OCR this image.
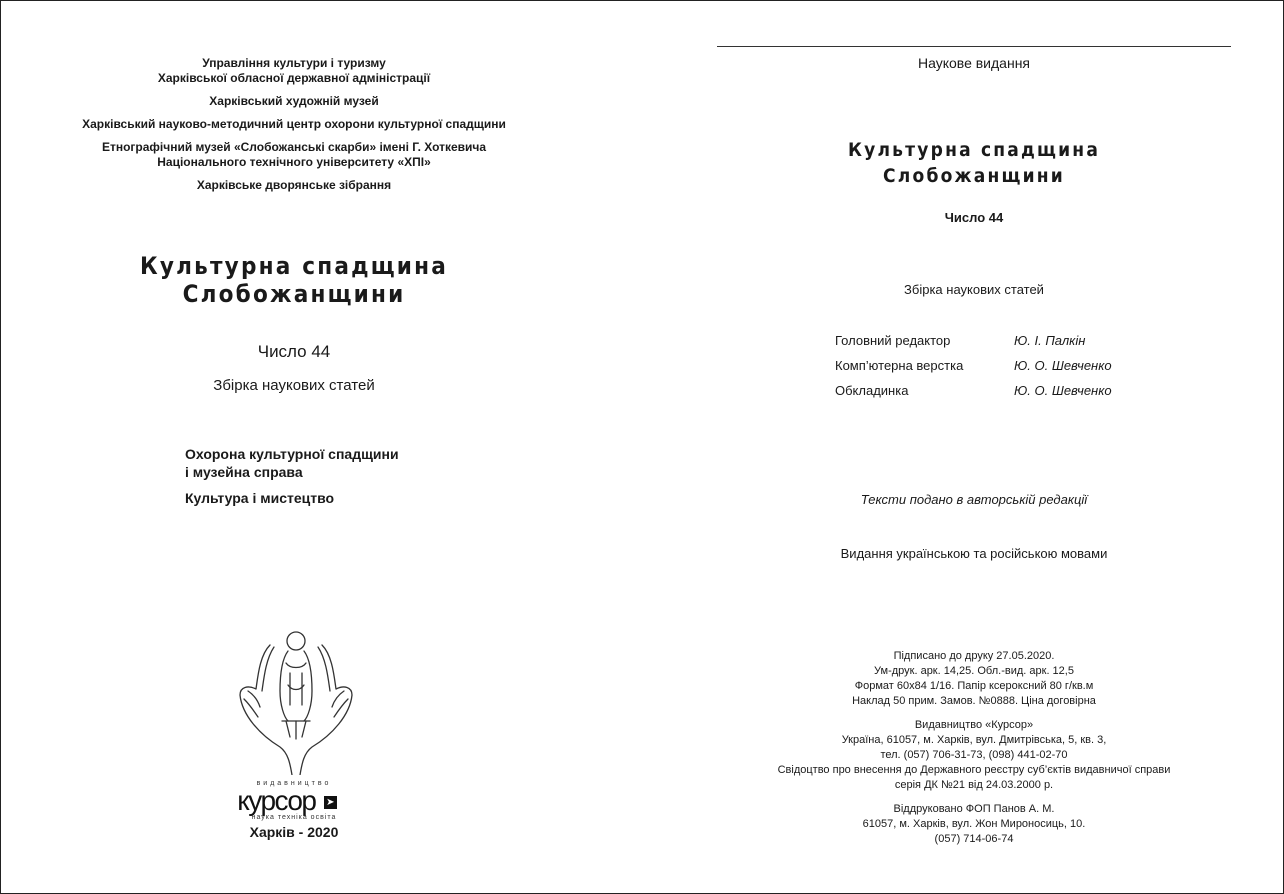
Управління культури і туризму
Харківської обласної державної адміністрації
Харківський художній музей
Харківський науково-методичний центр охорони культурної спадщини
Етнографічний музей «Слобожанські скарби» імені Г. Хоткевича
Національного технічного університету «ХПІ»
Харківське дворянське зібрання
Культурна спадщина
Слобожанщини
Число 44
Збірка наукових статей
Охорона культурної спадщини
і музейна справа
Культура і мистецтво
видавництво
курсор ➤
наука техніка освіта
Харків - 2020
Наукове видання
Культурна спадщина
Слобожанщини
Число 44
Збірка наукових статей
Головний редактор	Ю. І. Палкін
Комп’ютерна верстка	Ю. О. Шевченко
Обкладинка	Ю. О. Шевченко
Тексти подано в авторській редакції
Видання українською та російською мовами
Підписано до друку 27.05.2020.
Ум-друк. арк. 14,25. Обл.-вид. арк. 12,5
Формат 60x84 1/16. Папір ксероксний 80 г/кв.м
Наклад 50 прим. Замов. №0888. Ціна договірна
Видавництво «Курсор»
Україна, 61057, м. Харків, вул. Дмитрівська, 5, кв. 3,
тел. (057) 706-31-73, (098) 441-02-70
Свідоцтво про внесення до Державного реєстру суб’єктів видавничої справи
серія ДК №21 від 24.03.2000 р.
Віддруковано ФОП Панов А. М.
61057, м. Харків, вул. Жон Мироносиць, 10.
(057) 714-06-74
